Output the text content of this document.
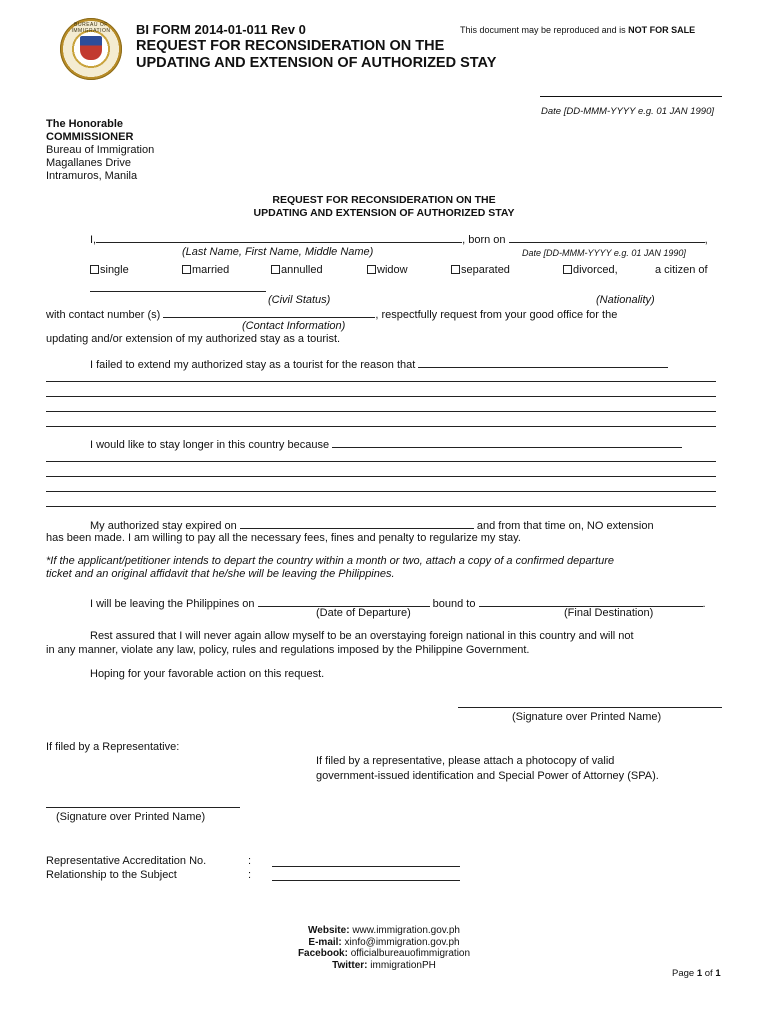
BUREAU OF IMMIGRATION	BI FORM 2014-01-011 Rev 0	This document may be reproduced and is NOT FOR SALE
REQUEST FOR RECONSIDERATION ON THE
UPDATING AND EXTENSION OF AUTHORIZED STAY
Date [DD-MMM-YYYY e.g. 01 JAN 1990]
The Honorable
COMMISSIONER
Bureau of Immigration
Magallanes Drive
Intramuros, Manila
REQUEST FOR RECONSIDERATION ON THE
UPDATING AND EXTENSION OF AUTHORIZED STAY
I,	, born on	,
(Last Name, First Name, Middle Name)	Date [DD-MMM-YYYY e.g. 01 JAN 1990]
single	married	annulled	widow	separated	divorced,	a citizen of
(Civil Status)	(Nationality)
with contact number (s)	, respectfully request from your good office for the
(Contact Information)
updating and/or extension of my authorized stay as a tourist.
I failed to extend my authorized stay as a tourist for the reason that
I would like to stay longer in this country because
My authorized stay expired on	and from that time on, NO extension
has been made. I am willing to pay all the necessary fees, fines and penalty to regularize my stay.
*If the applicant/petitioner intends to depart the country within a month or two, attach a copy of a confirmed departure
ticket and an original affidavit that he/she will be leaving the Philippines.
I will be leaving the Philippines on	bound to	.
(Date of Departure)	(Final Destination)
Rest assured that I will never again allow myself to be an overstaying foreign national in this country and will not
in any manner, violate any law, policy, rules and regulations imposed by the Philippine Government.
Hoping for your favorable action on this request.
(Signature over Printed Name)
If filed by a Representative:
If filed by a representative, please attach a photocopy of valid
government-issued identification and Special Power of Attorney (SPA).
(Signature over Printed Name)
Representative Accreditation No.	:
Relationship to the Subject	:
Website: www.immigration.gov.ph
E-mail: xinfo@immigration.gov.ph
Facebook: officialbureauofimmigration
Twitter: immigrationPH
Page 1 of 1
